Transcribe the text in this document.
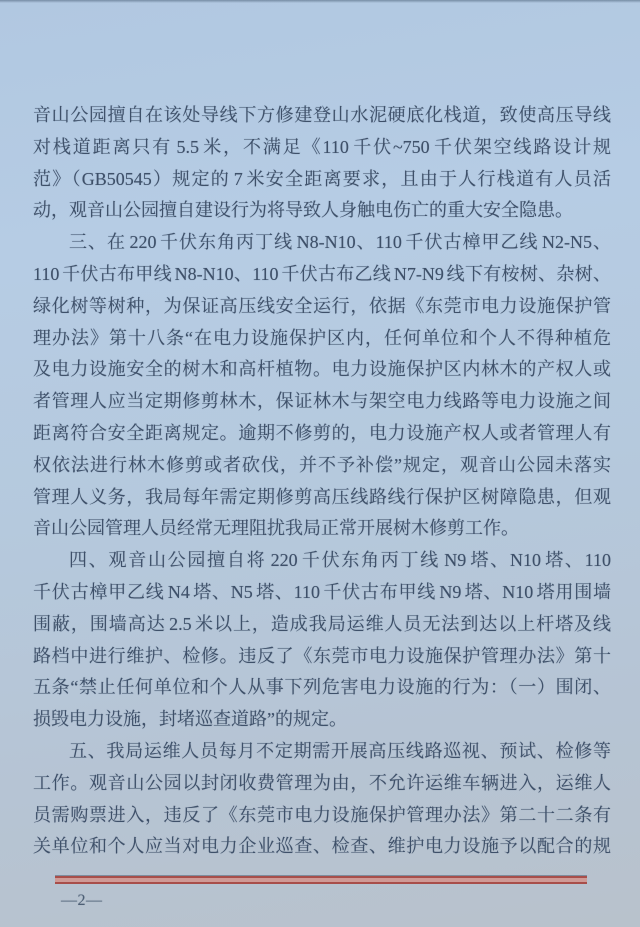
音山公园擅自在该处导线下方修建登山水泥硬底化栈道，致使高压导线
对栈道距离只有 5.5 米，不满足《110 千伏~750 千伏架空线路设计规
范》（GB50545）规定的 7 米安全距离要求，且由于人行栈道有人员活
动，观音山公园擅自建设行为将导致人身触电伤亡的重大安全隐患。
三、在 220 千伏东角丙丁线 N8-N10、110 千伏古樟甲乙线 N2-N5、
110 千伏古布甲线 N8-N10、110 千伏古布乙线 N7-N9 线下有桉树、杂树、
绿化树等树种，为保证高压线安全运行，依据《东莞市电力设施保护管
理办法》第十八条“在电力设施保护区内，任何单位和个人不得种植危
及电力设施安全的树木和高杆植物。电力设施保护区内林木的产权人或
者管理人应当定期修剪林木，保证林木与架空电力线路等电力设施之间
距离符合安全距离规定。逾期不修剪的，电力设施产权人或者管理人有
权依法进行林木修剪或者砍伐，并不予补偿”规定，观音山公园未落实
管理人义务，我局每年需定期修剪高压线路线行保护区树障隐患，但观
音山公园管理人员经常无理阻扰我局正常开展树木修剪工作。
四、观音山公园擅自将 220 千伏东角丙丁线 N9 塔、N10 塔、110
千伏古樟甲乙线 N4 塔、N5 塔、110 千伏古布甲线 N9 塔、N10 塔用围墙
围蔽，围墙高达 2.5 米以上，造成我局运维人员无法到达以上杆塔及线
路档中进行维护、检修。违反了《东莞市电力设施保护管理办法》第十
五条“禁止任何单位和个人从事下列危害电力设施的行为：（一）围闭、
损毁电力设施，封堵巡查道路”的规定。
五、我局运维人员每月不定期需开展高压线路巡视、预试、检修等
工作。观音山公园以封闭收费管理为由，不允许运维车辆进入，运维人
员需购票进入，违反了《东莞市电力设施保护管理办法》第二十二条有
关单位和个人应当对电力企业巡查、检查、维护电力设施予以配合的规
—2—
